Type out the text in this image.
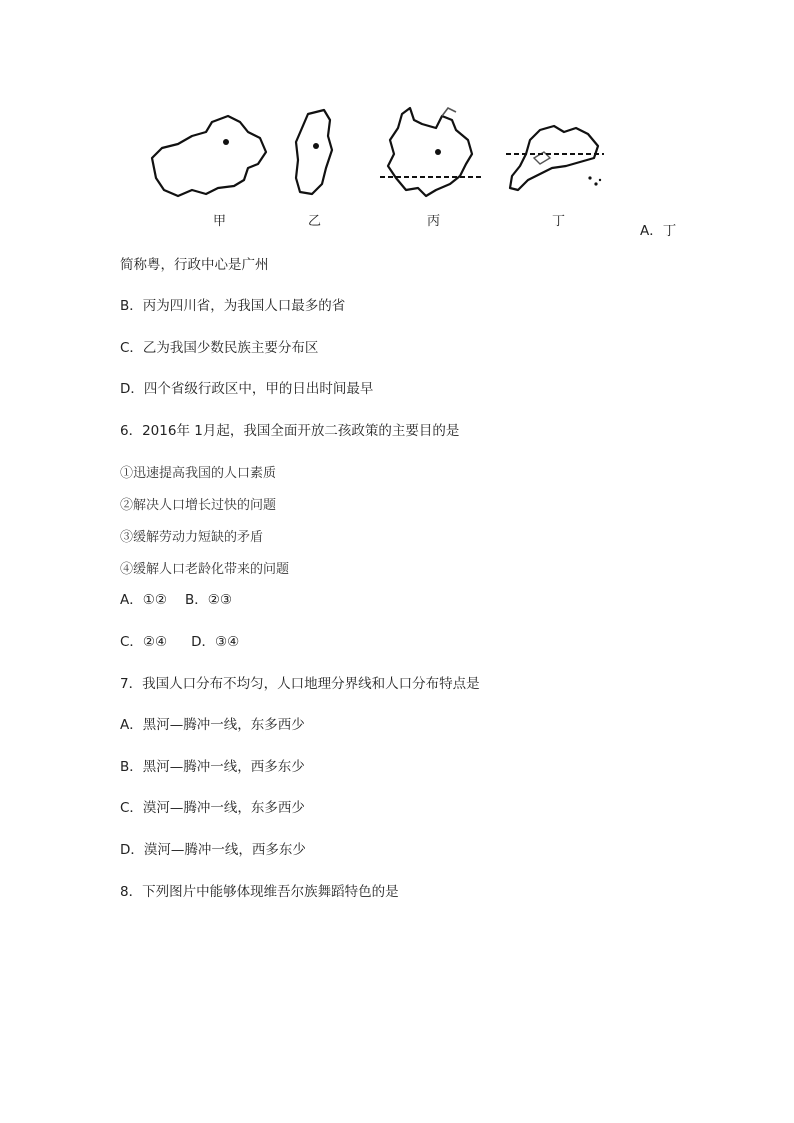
甲	乙	丙	丁
A．丁
简称粤，行政中心是广州
B．丙为四川省，为我国人口最多的省
C．乙为我国少数民族主要分布区
D．四个省级行政区中，甲的日出时间最早
6．2016年 1月起，我国全面开放二孩政策的主要目的是
①迅速提高我国的人口素质
②解决人口增长过快的问题
③缓解劳动力短缺的矛盾
④缓解人口老龄化带来的问题
A．①② B．②③
C．②④ D．③④
7．我国人口分布不均匀，人口地理分界线和人口分布特点是
A．黑河—腾冲一线，东多西少
B．黑河—腾冲一线，西多东少
C．漠河—腾冲一线，东多西少
D．漠河—腾冲一线，西多东少
8．下列图片中能够体现维吾尔族舞蹈特色的是
